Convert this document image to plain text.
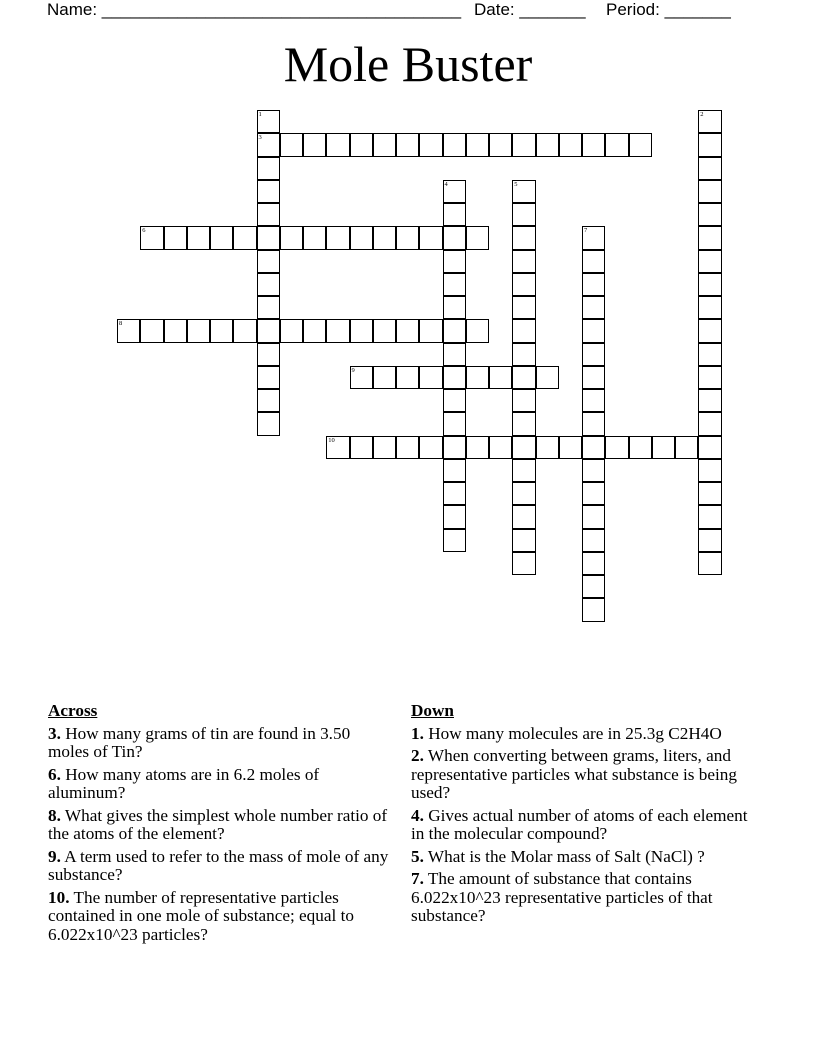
Name: ______________________________________ Date: _______ Period: _______
Mole Buster
1
3
2
4	5
6	7
8
9
10
Across
3. How many grams of tin are found in 3.50 moles of Tin?
6. How many atoms are in 6.2 moles of aluminum?
8. What gives the simplest whole number ratio of the atoms of the element?
9. A term used to refer to the mass of mole of any substance?
10. The number of representative particles contained in one mole of substance; equal to 6.022x10^23 particles?
Down
1. How many molecules are in 25.3g C2H4O
2. When converting between grams, liters, and representative particles what substance is being used?
4. Gives actual number of atoms of each element in the molecular compound?
5. What is the Molar mass of Salt (NaCl) ?
7. The amount of substance that contains 6.022x10^23 representative particles of that substance?
